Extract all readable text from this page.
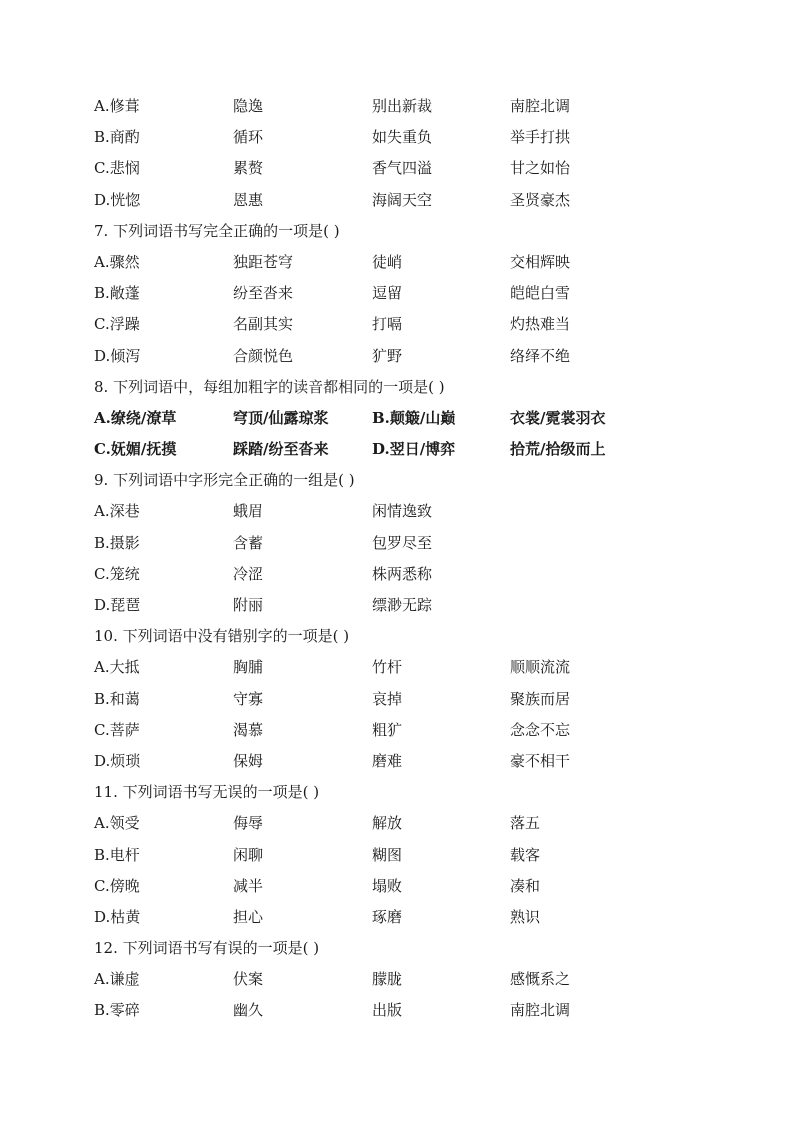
A.修葺	隐逸	别出新裁	南腔北调
B.商酌	循环	如失重负	举手打拱
C.悲悯	累赘	香气四溢	甘之如怡
D.恍惚	恩惠	海阔天空	圣贤豪杰
7. 下列词语书写完全正确的一项是( )
A.骤然	独距苍穹	徒峭	交相辉映
B.敞蓬	纷至沓来	逗留	皑皑白雪
C.浮躁	名副其实	打嗝	灼热难当
D.倾泻	合颜悦色	犷野	络绎不绝
8. 下列词语中，每组加粗字的读音都相同的一项是( )
A.缭绕/潦草	穹顶/仙露琼浆	B.颠簸/山巅	衣裳/霓裳羽衣
C.妩媚/抚摸	踩踏/纷至沓来	D.翌日/博弈	拾荒/拾级而上
9. 下列词语中字形完全正确的一组是( )
A.深巷	蛾眉	闲情逸致
B.摄影	含蓄	包罗尽至
C.笼统	冷涩	株两悉称
D.琵琶	附丽	缥渺无踪
10. 下列词语中没有错别字的一项是( )
A.大抵	胸脯	竹杆	顺顺流流
B.和蔼	守寡	哀掉	聚族而居
C.菩萨	渴慕	粗犷	念念不忘
D.烦琐	保姆	磨难	豪不相干
11. 下列词语书写无误的一项是( )
A.领受	侮辱	解放	落五
B.电杆	闲聊	糊图	载客
C.傍晚	减半	塌败	凑和
D.枯黄	担心	琢磨	熟识
12. 下列词语书写有误的一项是( )
A.谦虚	伏案	朦胧	感慨系之
B.零碎	幽久	出版	南腔北调
